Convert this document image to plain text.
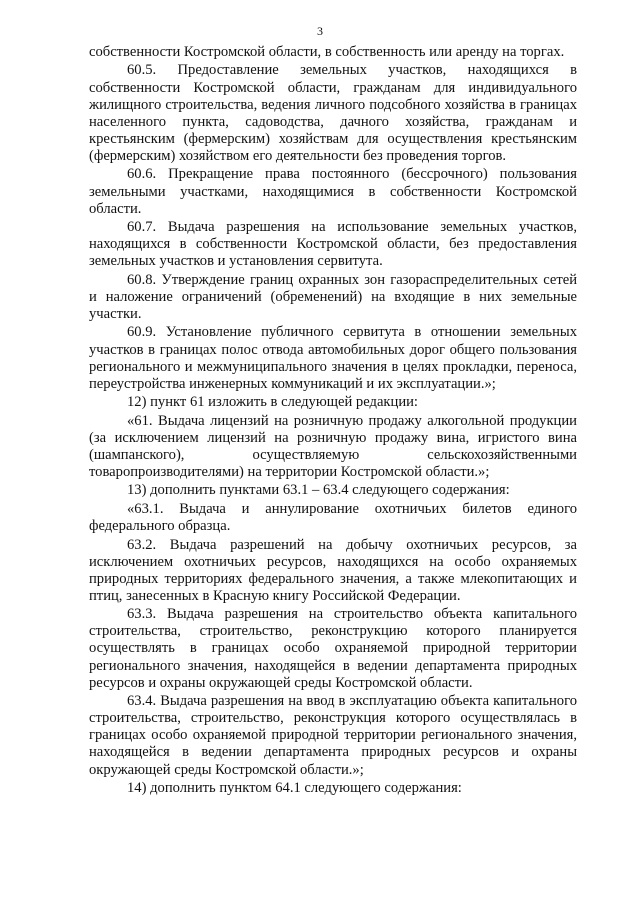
3

собственности Костромской области, в собственность или аренду на торгах.

60.5. Предоставление земельных участков, находящихся в собственности Костромской области, гражданам для индивидуального жилищного строительства, ведения личного подсобного хозяйства в границах населенного пункта, садоводства, дачного хозяйства, гражданам и крестьянским (фермерским) хозяйствам для осуществления крестьянским (фермерским) хозяйством его деятельности без проведения торгов.

60.6. Прекращение права постоянного (бессрочного) пользования земельными участками, находящимися в собственности Костромской области.

60.7. Выдача разрешения на использование земельных участков, находящихся в собственности Костромской области, без предоставления земельных участков и установления сервитута.

60.8. Утверждение границ охранных зон газораспределительных сетей и наложение ограничений (обременений) на входящие в них земельные участки.

60.9. Установление публичного сервитута в отношении земельных участков в границах полос отвода автомобильных дорог общего пользования регионального и межмуниципального значения в целях прокладки, переноса, переустройства инженерных коммуникаций и их эксплуатации.»;

12) пункт 61 изложить в следующей редакции:

«61. Выдача лицензий на розничную продажу алкогольной продукции (за исключением лицензий на розничную продажу вина, игристого вина (шампанского), осуществляемую сельскохозяйственными товаропроизводителями) на территории Костромской области.»;

13) дополнить пунктами 63.1 – 63.4 следующего содержания:

«63.1. Выдача и аннулирование охотничьих билетов единого федерального образца.

63.2. Выдача разрешений на добычу охотничьих ресурсов, за исключением охотничьих ресурсов, находящихся на особо охраняемых природных территориях федерального значения, а также млекопитающих и птиц, занесенных в Красную книгу Российской Федерации.

63.3. Выдача разрешения на строительство объекта капитального строительства, строительство, реконструкцию которого планируется осуществлять в границах особо охраняемой природной территории регионального значения, находящейся в ведении департамента природных ресурсов и охраны окружающей среды Костромской области.

63.4. Выдача разрешения на ввод в эксплуатацию объекта капитального строительства, строительство, реконструкция которого осуществлялась в границах особо охраняемой природной территории регионального значения, находящейся в ведении департамента природных ресурсов и охраны окружающей среды Костромской области.»;

14) дополнить пунктом 64.1 следующего содержания:
